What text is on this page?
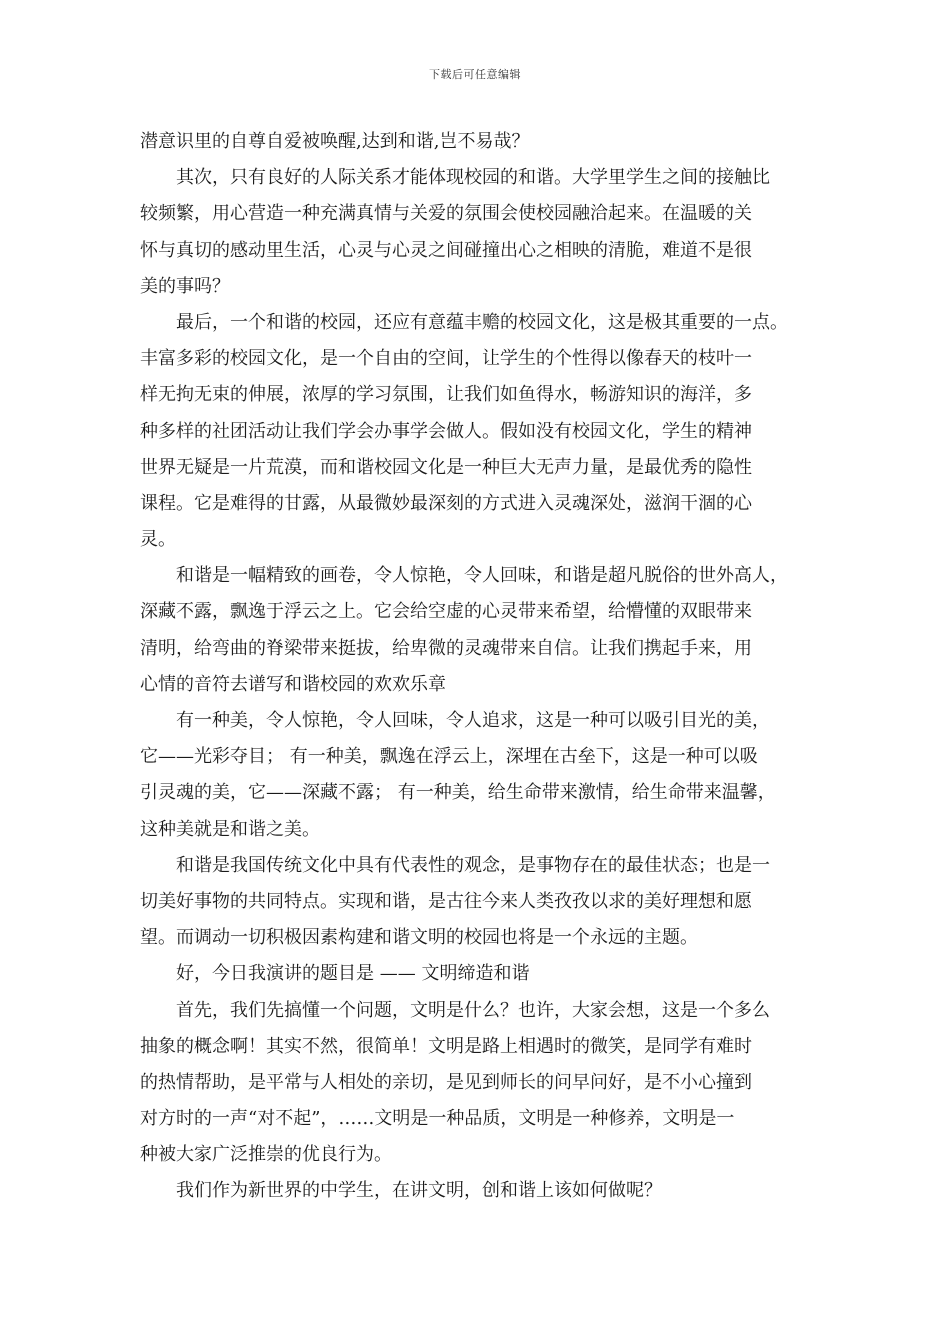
下载后可任意编辑
潜意识里的自尊自爱被唤醒,达到和谐,岂不易哉？
其次，只有良好的人际关系才能体现校园的和谐。大学里学生之间的接触比
较频繁，用心营造一种充满真情与关爱的氛围会使校园融洽起来。在温暖的关
怀与真切的感动里生活，心灵与心灵之间碰撞出心之相映的清脆，难道不是很
美的事吗？
最后，一个和谐的校园，还应有意蕴丰赡的校园文化，这是极其重要的一点。
丰富多彩的校园文化，是一个自由的空间，让学生的个性得以像春天的枝叶一
样无拘无束的伸展，浓厚的学习氛围，让我们如鱼得水，畅游知识的海洋，多
种多样的社团活动让我们学会办事学会做人。假如没有校园文化，学生的精神
世界无疑是一片荒漠，而和谐校园文化是一种巨大无声力量，是最优秀的隐性
课程。它是难得的甘露，从最微妙最深刻的方式进入灵魂深处，滋润干涸的心
灵。
和谐是一幅精致的画卷，令人惊艳，令人回味，和谐是超凡脱俗的世外高人，
深藏不露，飘逸于浮云之上。它会给空虚的心灵带来希望，给懵懂的双眼带来
清明，给弯曲的脊梁带来挺拔，给卑微的灵魂带来自信。让我们携起手来，用
心情的音符去谱写和谐校园的欢欢乐章
有一种美，令人惊艳，令人回味，令人追求，这是一种可以吸引目光的美，
它——光彩夺目； 有一种美，飘逸在浮云上，深埋在古垒下，这是一种可以吸
引灵魂的美，它——深藏不露； 有一种美，给生命带来激情，给生命带来温馨，
这种美就是和谐之美。
和谐是我国传统文化中具有代表性的观念，是事物存在的最佳状态；也是一
切美好事物的共同特点。实现和谐，是古往今来人类孜孜以求的美好理想和愿
望。而调动一切积极因素构建和谐文明的校园也将是一个永远的主题。
好，今日我演讲的题目是 —— 文明缔造和谐
首先，我们先搞懂一个问题，文明是什么？也许，大家会想，这是一个多么
抽象的概念啊！其实不然，很简单！文明是路上相遇时的微笑，是同学有难时
的热情帮助，是平常与人相处的亲切，是见到师长的问早问好，是不小心撞到
对方时的一声“对不起”，……文明是一种品质，文明是一种修养，文明是一
种被大家广泛推崇的优良行为。
我们作为新世界的中学生，在讲文明，创和谐上该如何做呢？
